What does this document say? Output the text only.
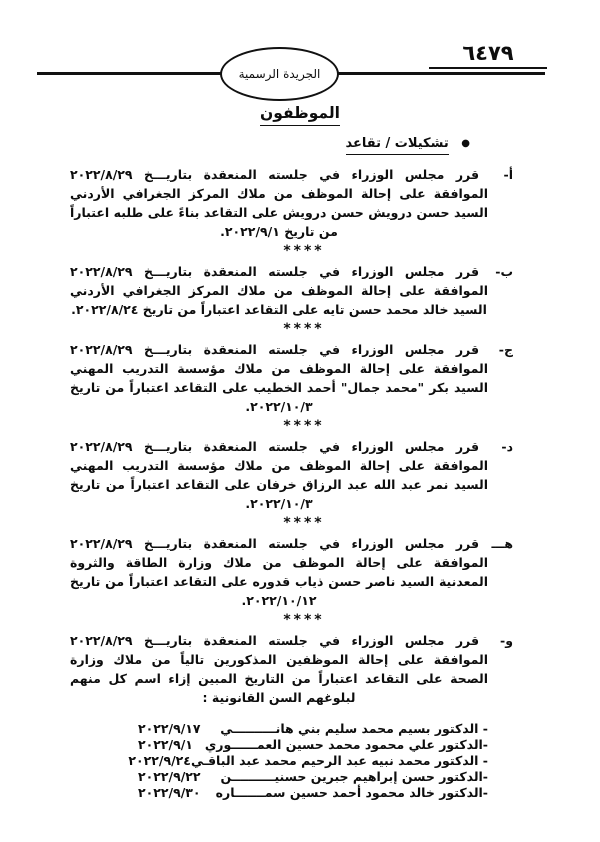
٦٤٧٩
الجريدة الرسمية
الموظفون
● تشكيلات / تقاعد
أ-
قرر مجلس الوزراء في جلسته المنعقدة بتاريـــخ ٢٠٢٢/٨/٢٩ الموافقة على إحالة الموظف من ملاك المركز الجغرافي الأردني السيد حسن درويش حسن درويش على التقاعد بناءً على طلبه اعتباراً من تاريخ ٢٠٢٢/٩/١.
****
ب-
قرر مجلس الوزراء في جلسته المنعقدة بتاريـــخ ٢٠٢٢/٨/٢٩ الموافقة على إحالة الموظف من ملاك المركز الجغرافي الأردني السيد خالد محمد حسن تايه على التقاعد اعتباراً من تاريخ ٢٠٢٢/٨/٢٤.
****
ج-
قرر مجلس الوزراء في جلسته المنعقدة بتاريـــخ ٢٠٢٢/٨/٢٩ الموافقة على إحالة الموظف من ملاك مؤسسة التدريب المهني السيد بكر "محمد جمال" أحمد الخطيب على التقاعد اعتباراً من تاريخ ٢٠٢٢/١٠/٣.
****
د-
قرر مجلس الوزراء في جلسته المنعقدة بتاريـــخ ٢٠٢٢/٨/٢٩ الموافقة على إحالة الموظف من ملاك مؤسسة التدريب المهني السيد نمر عبد الله عبد الرزاق خرفان على التقاعد اعتباراً من تاريخ ٢٠٢٢/١٠/٣.
****
هـــ
قرر مجلس الوزراء في جلسته المنعقدة بتاريـــخ ٢٠٢٢/٨/٢٩ الموافقة على إحالة الموظف من ملاك وزارة الطاقة والثروة المعدنية السيد ناصر حسن ذياب قدوره على التقاعد اعتباراً من تاريخ ٢٠٢٢/١٠/١٢.
****
و-
قرر مجلس الوزراء في جلسته المنعقدة بتاريـــخ ٢٠٢٢/٨/٢٩ الموافقة على إحالة الموظفين المذكورين تالياً من ملاك وزارة الصحة على التقاعد اعتباراً من التاريخ المبين إزاء اسم كل منهم لبلوغهم السن القانونية :
- الدكتور بسيم محمد سليم بني هانــــــــــي
٢٠٢٢/٩/١٧
-الدكتور علي محمود محمد حسين العمــــــوري
٢٠٢٢/٩/١
- الدكتور محمد نبيه عبد الرحيم محمد عبد الباقـي
٢٠٢٢/٩/٢٤
-الدكتور حسن إبراهيم جبرين حسنيــــــــــن
٢٠٢٢/٩/٢٢
-الدكتور خالد محمود أحمد حسين سمـــــــاره
٢٠٢٢/٩/٣٠
